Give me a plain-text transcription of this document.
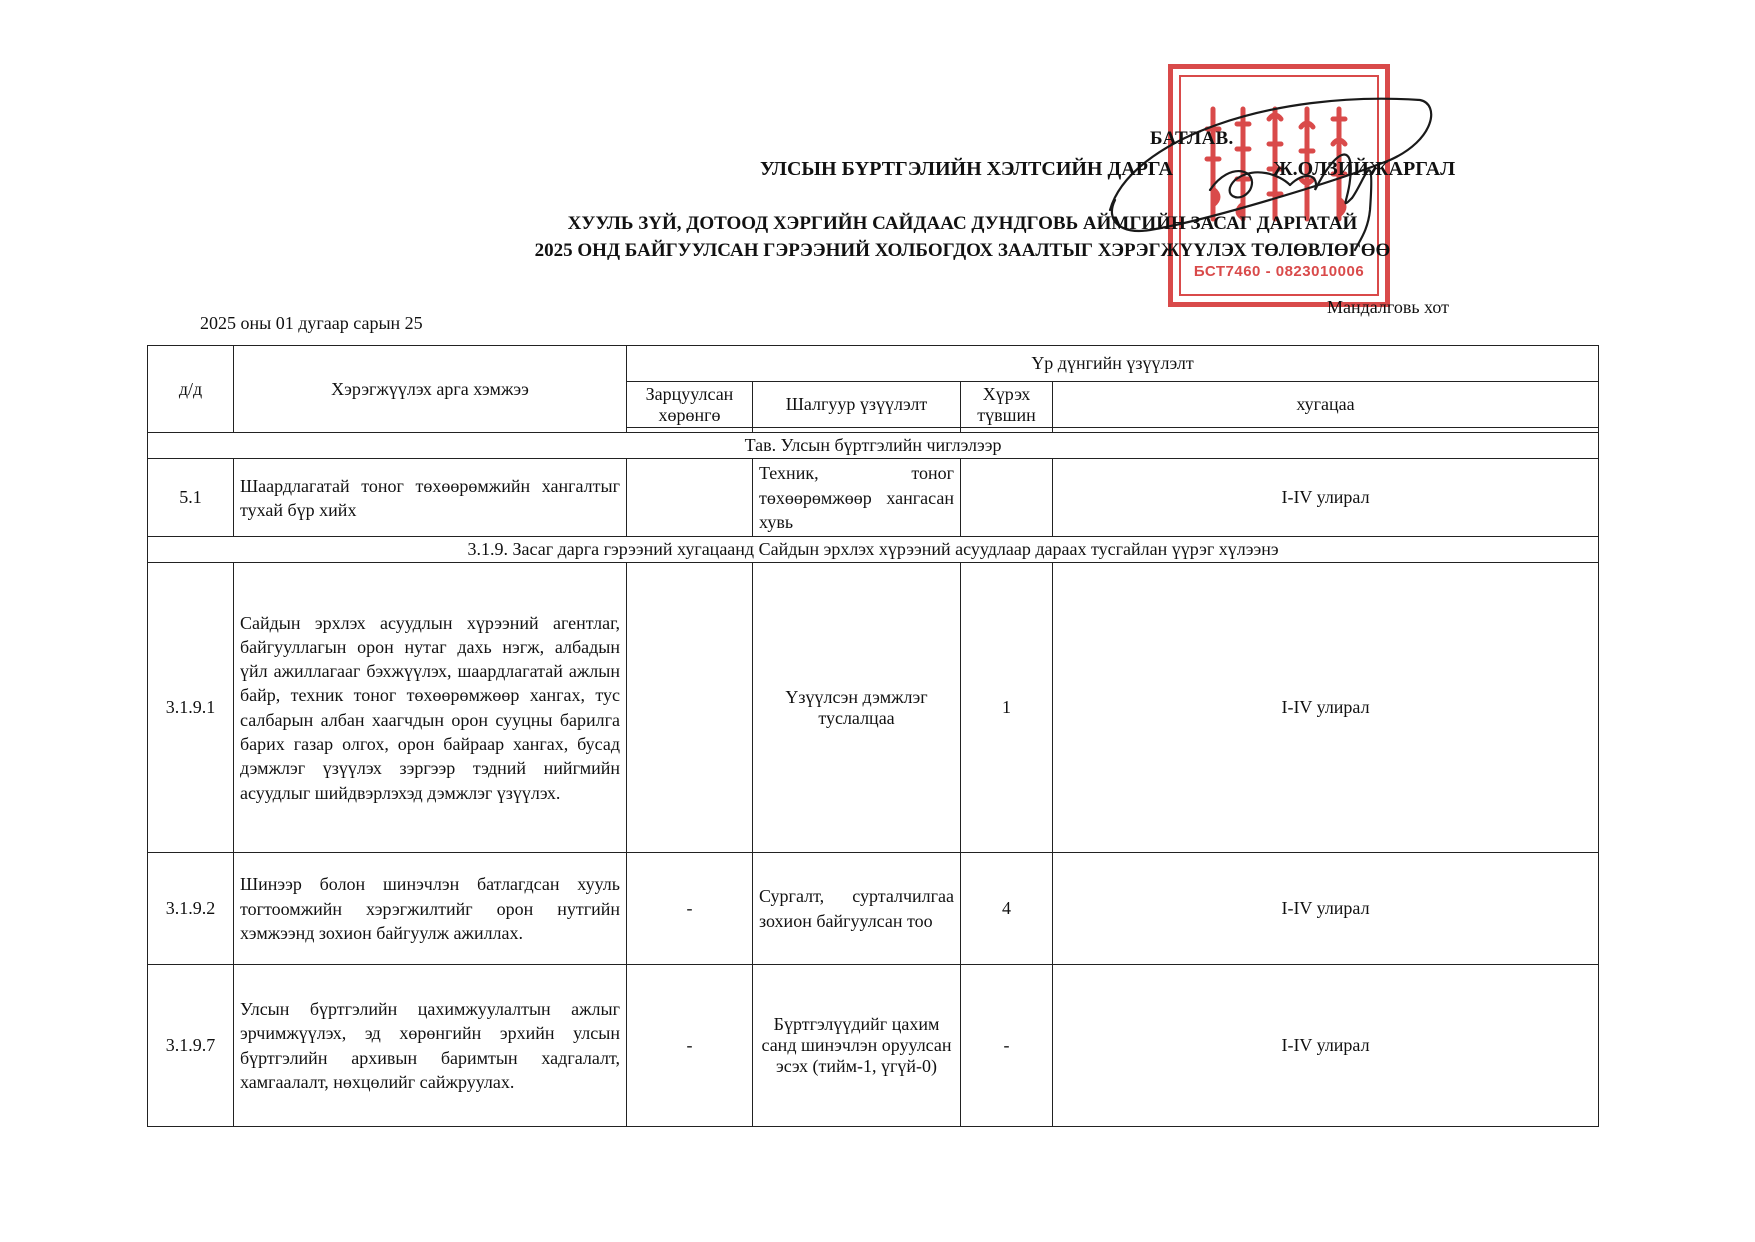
БСТ7460 - 0823010006
БАТЛАВ.
УЛСЫН БҮРТГЭЛИЙН ХЭЛТСИЙН ДАРГА                    Ж.ОЛЗИЙЖАРГАЛ
ХУУЛЬ ЗҮЙ, ДОТООД ХЭРГИЙН САЙДААС ДУНДГОВЬ АЙМГИЙН ЗАСАГ ДАРГАТАЙ
2025 ОНД БАЙГУУЛСАН ГЭРЭЭНИЙ ХОЛБОГДОХ ЗААЛТЫГ ХЭРЭГЖҮҮЛЭХ ТӨЛӨВЛӨГӨӨ
2025 оны 01 дугаар сарын 25
Мандалговь хот
д/д	Хэрэгжүүлэх арга хэмжээ	Үр дүнгийн үзүүлэлт			
		Зарцуулсан хөрөнгө	Шалгуур үзүүлэлт	Хүрэх түвшин	хугацаа

Тав. Улсын бүртгэлийн чиглэлээр					
5.1	Шаардлагатай тоног төхөөрөмжийн хангалтыг тухай бүр хийх		Техник, тоног төхөөрөмжөөр хангасан хувь		I-IV улирал
3.1.9. Засаг дарга гэрээний хугацаанд Сайдын эрхлэх хүрээний асуудлаар дараах тусгайлан үүрэг хүлээнэ					
3.1.9.1	Сайдын эрхлэх асуудлын хүрээний агентлаг, байгууллагын орон нутаг дахь нэгж, албадын үйл ажиллагааг бэхжүүлэх, шаардлагатай ажлын байр, техник тоног төхөөрөмжөөр хангах, тус салбарын албан хаагчдын орон сууцны барилга барих газар олгох, орон байраар хангах, бусад дэмжлэг үзүүлэх зэргээр тэдний нийгмийн асуудлыг шийдвэрлэхэд дэмжлэг үзүүлэх.		Үзүүлсэн дэмжлэг туслалцаа	1	I-IV улирал
3.1.9.2	Шинээр болон шинэчлэн батлагдсан хууль тогтоомжийн хэрэгжилтийг орон нутгийн хэмжээнд зохион байгуулж ажиллах.	-	Сургалт, сурталчилгаа зохион байгуулсан тоо	4	I-IV улирал
3.1.9.7	Улсын бүртгэлийн цахимжуулалтын ажлыг эрчимжүүлэх, эд хөрөнгийн эрхийн улсын бүртгэлийн архивын баримтын хадгалалт, хамгаалалт, нөхцөлийг сайжруулах.	-	Бүртгэлүүдийг цахим санд шинэчлэн оруулсан эсэх (тийм-1, үгүй-0)	-	I-IV улирал
